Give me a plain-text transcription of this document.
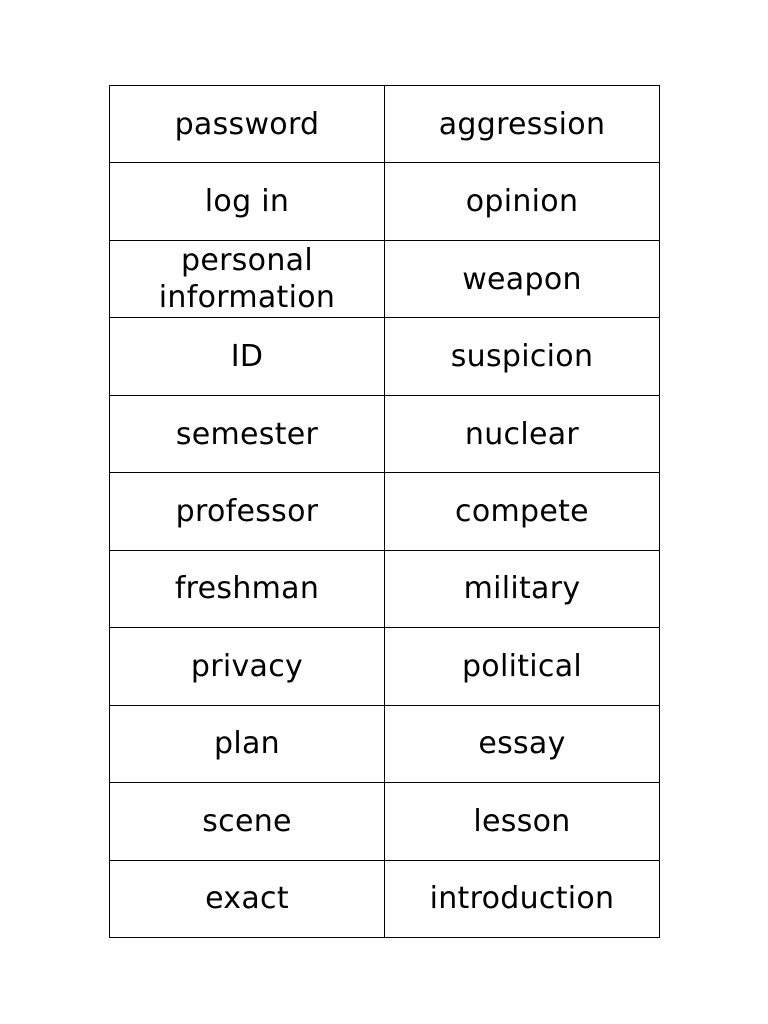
password	aggression
log in	opinion
personal information	weapon
ID	suspicion
semester	nuclear
professor	compete
freshman	military
privacy	political
plan	essay
scene	lesson
exact	introduction
